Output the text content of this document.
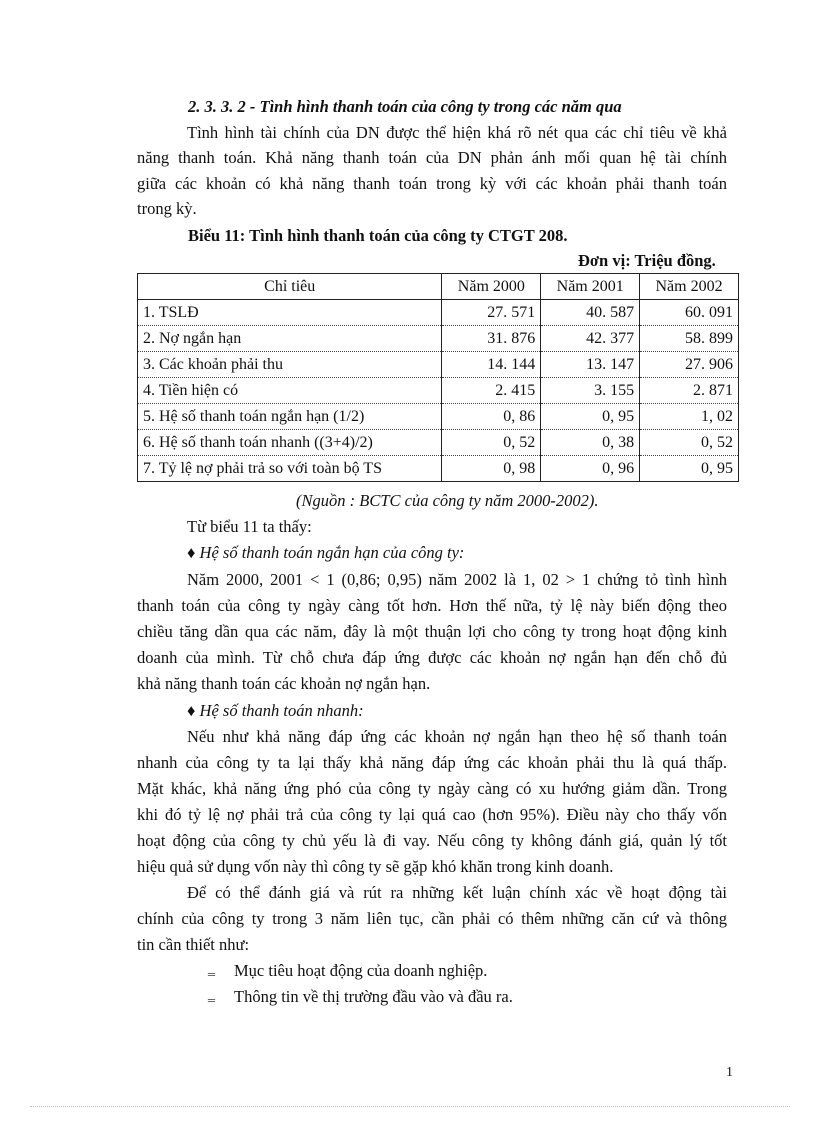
2. 3. 3. 2 - Tình hình thanh toán của công ty trong các năm qua
Tình hình tài chính của DN được thể hiện khá rõ nét qua các chỉ tiêu về khả
năng thanh toán. Khả năng thanh toán của DN phản ánh mối quan hệ tài chính
giữa các khoản có khả năng thanh toán trong kỳ với các khoản phải thanh toán
trong kỳ.
Biểu 11: Tình hình thanh toán của công ty CTGT 208.
Đơn vị: Triệu đồng.
Chỉ tiêu	Năm 2000	Năm 2001	Năm 2002
1. TSLĐ	27. 571	40. 587	60. 091
2. Nợ ngắn hạn	31. 876	42. 377	58. 899
3. Các khoản phải thu	14. 144	13. 147	27. 906
4. Tiền hiện có	2. 415	3. 155	2. 871
5. Hệ số thanh toán ngắn hạn (1/2)	0, 86	0, 95	1, 02
6. Hệ số thanh toán nhanh ((3+4)/2)	0, 52	0, 38	0, 52
7. Tỷ lệ nợ phải trả so với toàn bộ TS	0, 98	0, 96	0, 95
(Nguồn : BCTC của công ty năm 2000-2002).
Từ biểu 11 ta thấy:
♦ Hệ số thanh toán ngắn hạn của công ty:
Năm 2000, 2001 < 1 (0,86; 0,95) năm 2002 là 1, 02 > 1 chứng tỏ tình hình
thanh toán của công ty ngày càng tốt hơn. Hơn thế nữa, tỷ lệ này biến động theo
chiều tăng dần qua các năm, đây là một thuận lợi cho công ty trong hoạt động kinh
doanh của mình. Từ chỗ chưa đáp ứng được các khoản nợ ngắn hạn đến chỗ đủ
khả năng thanh toán các khoản nợ ngắn hạn.
♦ Hệ số thanh toán nhanh:
Nếu như khả năng đáp ứng các khoản nợ ngắn hạn theo hệ số thanh toán
nhanh của công ty ta lại thấy khả năng đáp ứng các khoản phải thu là quá thấp.
Mặt khác, khả năng ứng phó của công ty ngày càng có xu hướng giảm dần. Trong
khi đó tỷ lệ nợ phải trả của công ty lại quá cao (hơn 95%). Điều này cho thấy vốn
hoạt động của công ty chủ yếu là đi vay. Nếu công ty không đánh giá, quản lý tốt
hiệu quả sử dụng vốn này thì công ty sẽ gặp khó khăn trong kinh doanh.
Để có thể đánh giá và rút ra những kết luận chính xác về hoạt động tài
chính của công ty trong 3 năm liên tục, cần phải có thêm những căn cứ và thông
tin cần thiết như:
‗ Mục tiêu hoạt động của doanh nghiệp.
‗ Thông tin về thị trường đầu vào và đầu ra.
1
